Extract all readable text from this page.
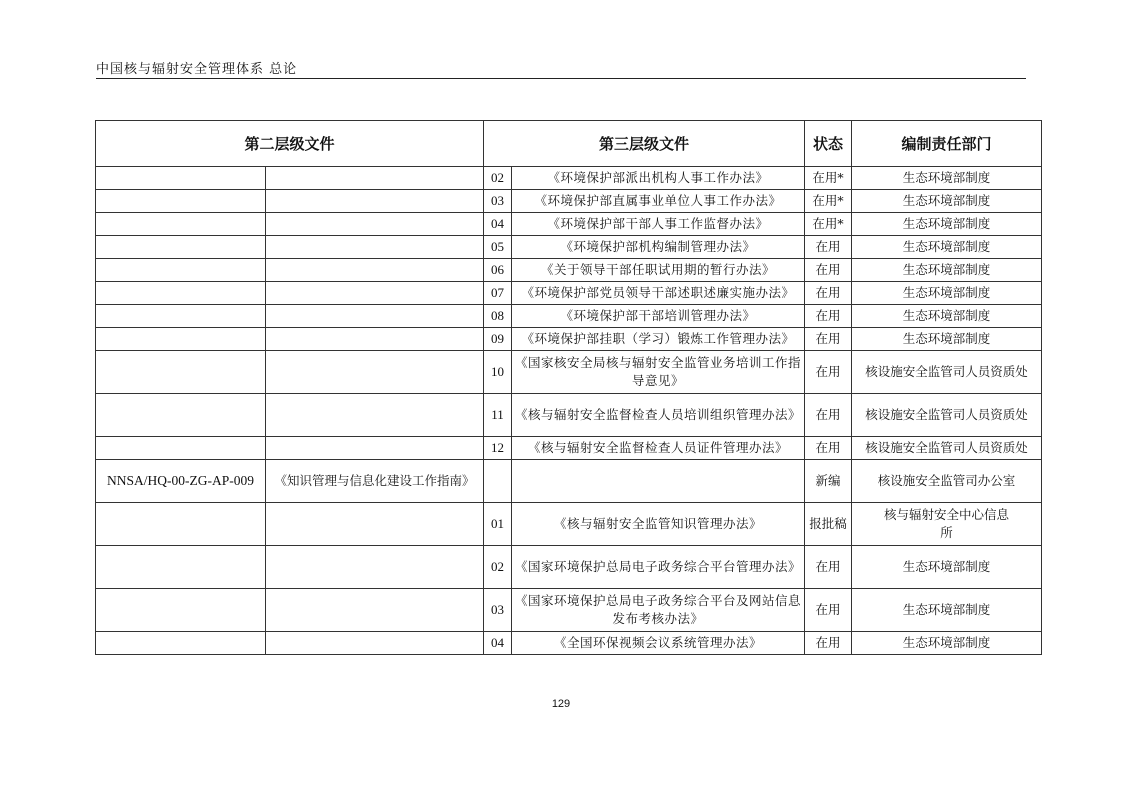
中国核与辐射安全管理体系 总论
第二层级文件		第三层级文件		状态	编制责任部门
		02	《环境保护部派出机构人事工作办法》	在用*	生态环境部制度
		03	《环境保护部直属事业单位人事工作办法》	在用*	生态环境部制度
		04	《环境保护部干部人事工作监督办法》	在用*	生态环境部制度
		05	《环境保护部机构编制管理办法》	在用	生态环境部制度
		06	《关于领导干部任职试用期的暂行办法》	在用	生态环境部制度
		07	《环境保护部党员领导干部述职述廉实施办法》	在用	生态环境部制度
		08	《环境保护部干部培训管理办法》	在用	生态环境部制度
		09	《环境保护部挂职（学习）锻炼工作管理办法》	在用	生态环境部制度
		10	《国家核安全局核与辐射安全监管业务培训工作指导意见》	在用	核设施安全监管司人员资质处
		11	《核与辐射安全监督检查人员培训组织管理办法》	在用	核设施安全监管司人员资质处
		12	《核与辐射安全监督检查人员证件管理办法》	在用	核设施安全监管司人员资质处
NNSA/HQ-00-ZG-AP-009	《知识管理与信息化建设工作指南》			新编	核设施安全监管司办公室
		01	《核与辐射安全监管知识管理办法》	报批稿	核与辐射安全中心信息所
		02	《国家环境保护总局电子政务综合平台管理办法》	在用	生态环境部制度
		03	《国家环境保护总局电子政务综合平台及网站信息发布考核办法》	在用	生态环境部制度
		04	《全国环保视频会议系统管理办法》	在用	生态环境部制度
129
